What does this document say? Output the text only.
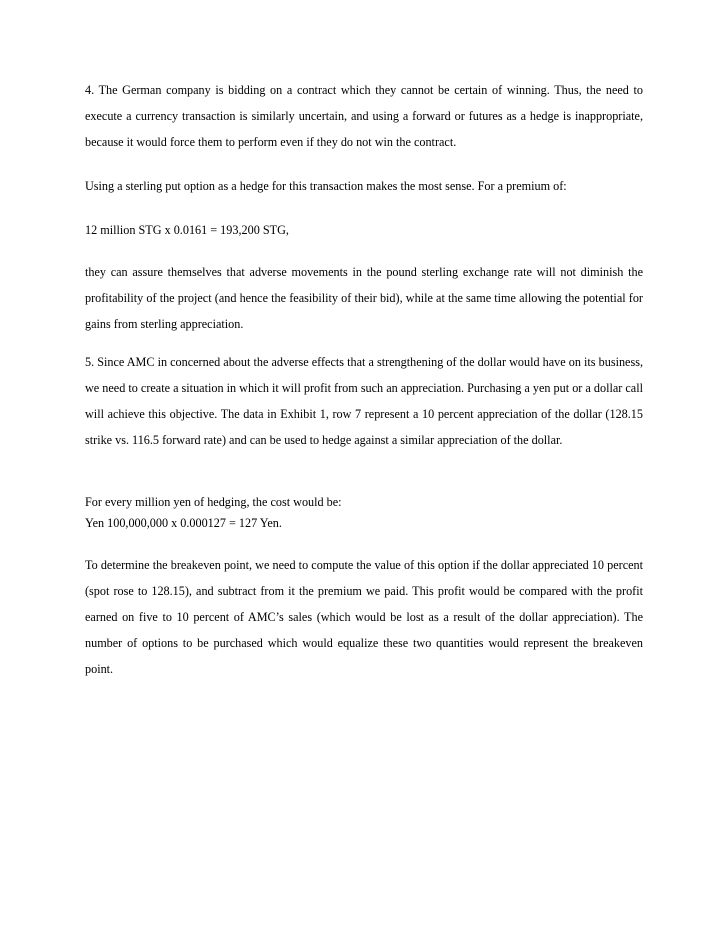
4. The German company is bidding on a contract which they cannot be certain of winning. Thus, the need to execute a currency transaction is similarly uncertain, and using a forward or futures as a hedge is inappropriate, because it would force them to perform even if they do not win the contract.

Using a sterling put option as a hedge for this transaction makes the most sense. For a premium of:

12 million STG x 0.0161 = 193,200 STG,

they can assure themselves that adverse movements in the pound sterling exchange rate will not diminish the profitability of the project (and hence the feasibility of their bid), while at the same time allowing the potential for gains from sterling appreciation.

5. Since AMC in concerned about the adverse effects that a strengthening of the dollar would have on its business, we need to create a situation in which it will profit from such an appreciation. Purchasing a yen put or a dollar call will achieve this objective. The data in Exhibit 1, row 7 represent a 10 percent appreciation of the dollar (128.15 strike vs. 116.5 forward rate) and can be used to hedge against a similar appreciation of the dollar.

For every million yen of hedging, the cost would be:

Yen 100,000,000 x 0.000127 = 127 Yen.

To determine the breakeven point, we need to compute the value of this option if the dollar appreciated 10 percent (spot rose to 128.15), and subtract from it the premium we paid. This profit would be compared with the profit earned on five to 10 percent of AMC’s sales (which would be lost as a result of the dollar appreciation). The number of options to be purchased which would equalize these two quantities would represent the breakeven point.
